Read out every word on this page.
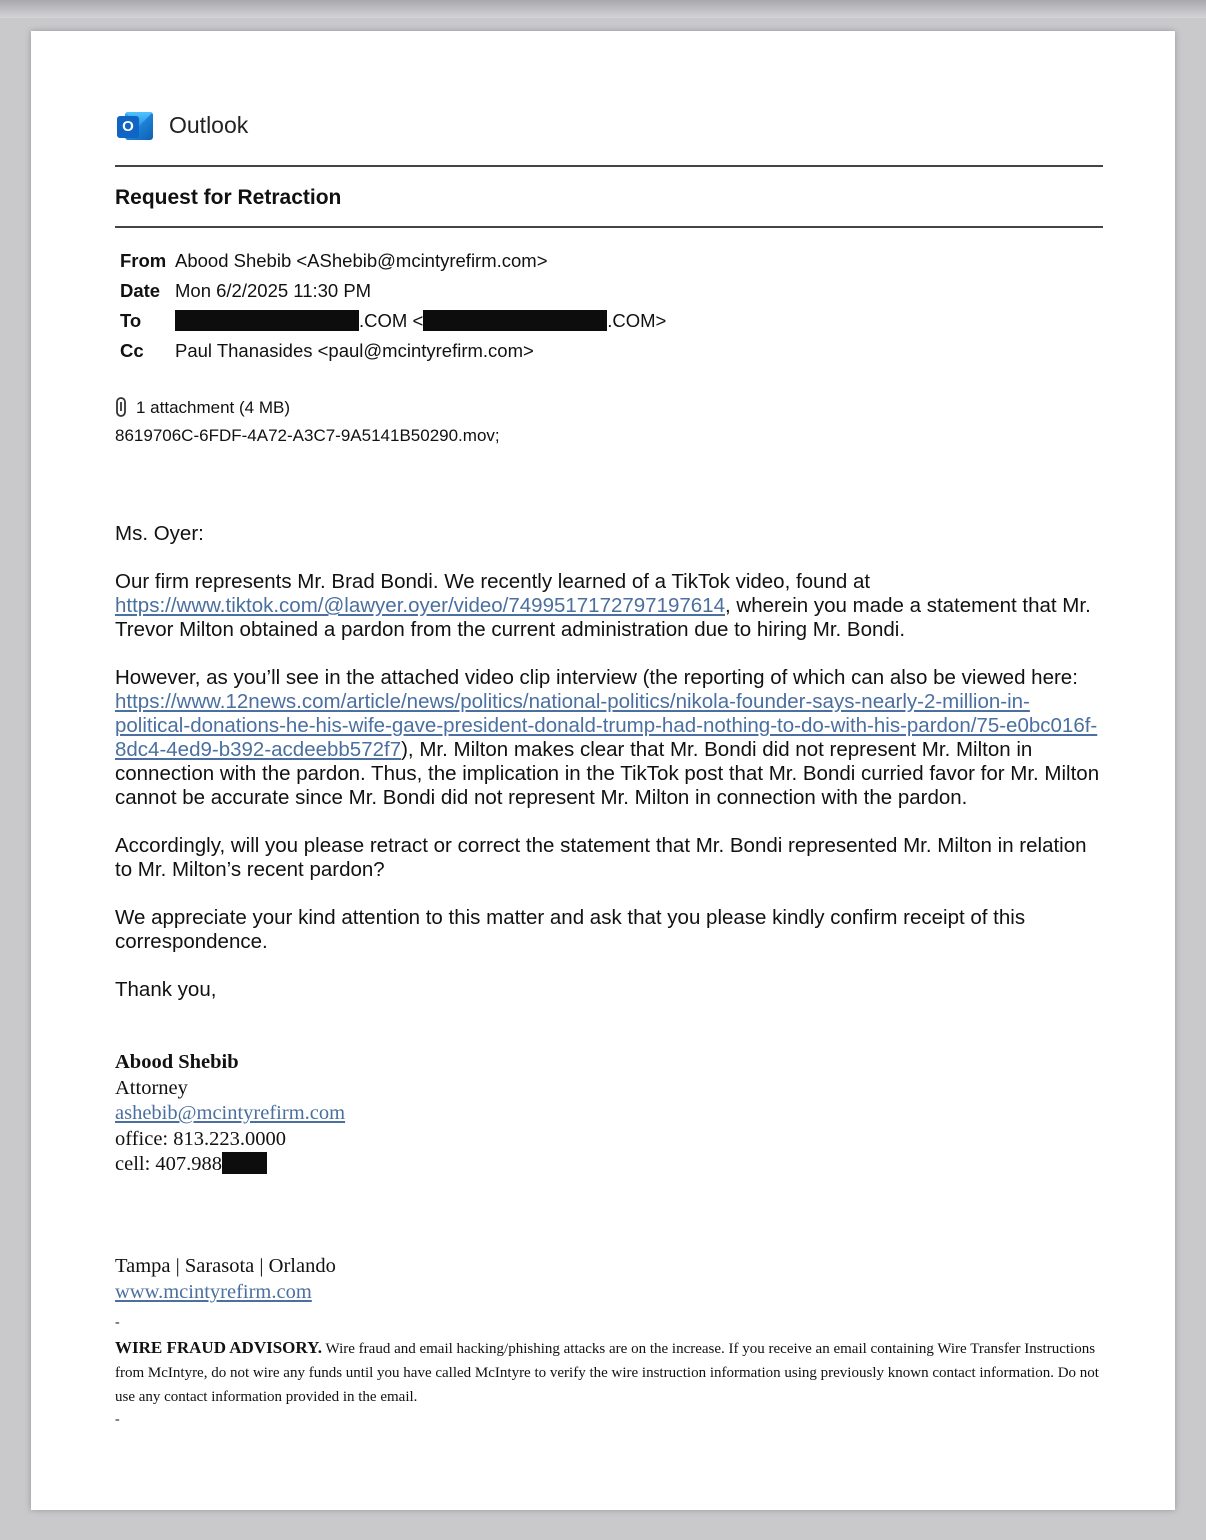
O Outlook
Request for Retraction
From Abood Shebib <AShebib@mcintyrefirm.com>
Date Mon 6/2/2025 11:30 PM
To	.COM <	.COM>
Cc Paul Thanasides <paul@mcintyrefirm.com>
1 attachment (4 MB)
8619706C-6FDF-4A72-A3C7-9A5141B50290.mov;

Ms. Oyer:

Our firm represents Mr. Brad Bondi. We recently learned of a TikTok video, found at https://www.tiktok.com/@lawyer.oyer/video/7499517172797197614, wherein you made a statement that Mr. Trevor Milton obtained a pardon from the current administration due to hiring Mr. Bondi.

However, as you’ll see in the attached video clip interview (the reporting of which can also be viewed here: https://www.12news.com/article/news/politics/national-politics/nikola-founder-says-nearly-2-million-in-political-donations-he-his-wife-gave-president-donald-trump-had-nothing-to-do-with-his-pardon/75-e0bc016f-8dc4-4ed9-b392-acdeebb572f7), Mr. Milton makes clear that Mr. Bondi did not represent Mr. Milton in connection with the pardon. Thus, the implication in the TikTok post that Mr. Bondi curried favor for Mr. Milton cannot be accurate since Mr. Bondi did not represent Mr. Milton in connection with the pardon.

Accordingly, will you please retract or correct the statement that Mr. Bondi represented Mr. Milton in relation to Mr. Milton’s recent pardon?

We appreciate your kind attention to this matter and ask that you please kindly confirm receipt of this correspondence.

Thank you,

Abood Shebib
Attorney
ashebib@mcintyrefirm.com
office: 813.223.0000
cell: 407.988
Tampa | Sarasota | Orlando
www.mcintyrefirm.com
-
WIRE FRAUD ADVISORY. Wire fraud and email hacking/phishing attacks are on the increase. If you receive an email containing Wire Transfer Instructions from McIntyre, do not wire any funds until you have called McIntyre to verify the wire instruction information using previously known contact information. Do not use any contact information provided in the email.
-
